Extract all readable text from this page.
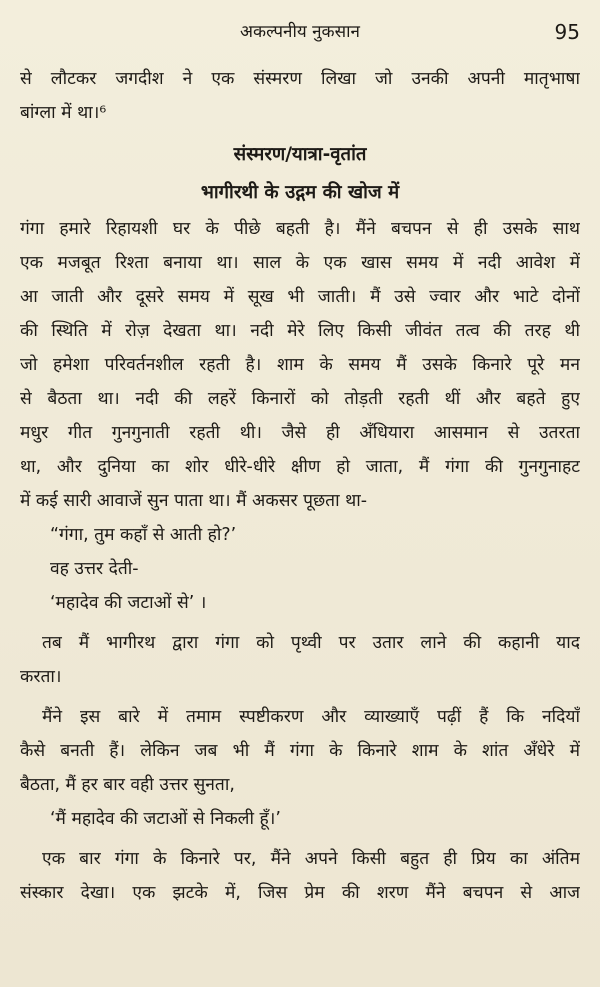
अकल्पनीय नुकसान	95
से लौटकर जगदीश ने एक संस्मरण लिखा जो उनकी अपनी मातृभाषा
बांग्ला में था।⁶
संस्मरण/यात्रा-वृतांत
भागीरथी के उद्गम की खोज में
गंगा हमारे रिहायशी घर के पीछे बहती है। मैंने बचपन से ही उसके साथ
एक मजबूत रिश्ता बनाया था। साल के एक खास समय में नदी आवेश में
आ जाती और दूसरे समय में सूख भी जाती। मैं उसे ज्वार और भाटे दोनों
की स्थिति में रोज़ देखता था। नदी मेरे लिए किसी जीवंत तत्व की तरह थी
जो हमेशा परिवर्तनशील रहती है। शाम के समय मैं उसके किनारे पूरे मन
से बैठता था। नदी की लहरें किनारों को तोड़ती रहती थीं और बहते हुए
मधुर गीत गुनगुनाती रहती थी। जैसे ही अँधियारा आसमान से उतरता
था, और दुनिया का शोर धीरे-धीरे क्षीण हो जाता, मैं गंगा की गुनगुनाहट
में कई सारी आवाजें सुन पाता था। मैं अकसर पूछता था-
“गंगा, तुम कहाँ से आती हो?’
वह उत्तर देती-
‘महादेव की जटाओं से’ ।
तब मैं भागीरथ द्वारा गंगा को पृथ्वी पर उतार लाने की कहानी याद
करता।
मैंने इस बारे में तमाम स्पष्टीकरण और व्याख्याएँ पढ़ीं हैं कि नदियाँ
कैसे बनती हैं। लेकिन जब भी मैं गंगा के किनारे शाम के शांत अँधेरे में
बैठता, मैं हर बार वही उत्तर सुनता,
‘मैं महादेव की जटाओं से निकली हूँ।’
एक बार गंगा के किनारे पर, मैंने अपने किसी बहुत ही प्रिय का अंतिम
संस्कार देखा। एक झटके में, जिस प्रेम की शरण मैंने बचपन से आज
